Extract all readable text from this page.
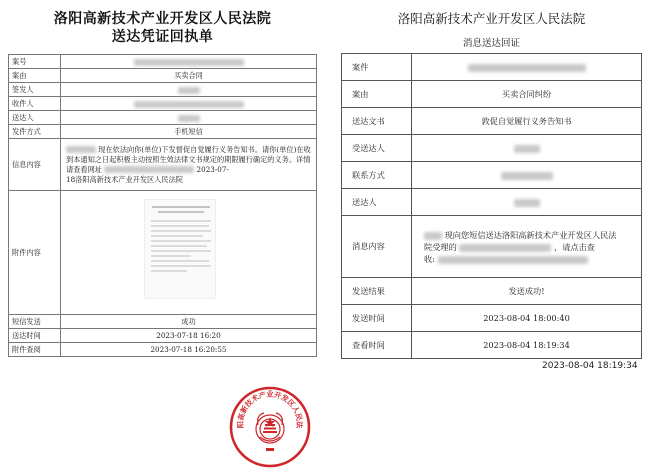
洛阳高新技术产业开发区人民法院
送达凭证回执单
案号	
案由	买卖合同
签发人	
收件人	
送达人	
发件方式	手机短信
信息内容	现在依法向你(单位)下发督促自觉履行义务告知书。请你(单位)在收到本通知之日起积极主动按照生效法律文书规定的期限履行确定的义务。详情请查看网址 2023-07-
18洛阳高新技术产业开发区人民法院
附件内容	

短信发送	成功
送达时间	2023-07-18 16:20
附件查阅	2023-07-18 16:20:55
阳高新技术产业开发区人民法
洛阳高新技术产业开发区人民法院
消息送达回证
案件	
案由	买卖合同纠纷
送达文书	敦促自觉履行义务告知书
受送达人	
联系方式	
送达人	
消息内容	现向您短信送达洛阳高新技术产业开发区人民法
院受理的 ，请点击查
收:
发送结果	发送成功!
发送时间	2023-08-04 18:00:40
查看时间	2023-08-04 18:19:34
2023-08-04 18:19:34
